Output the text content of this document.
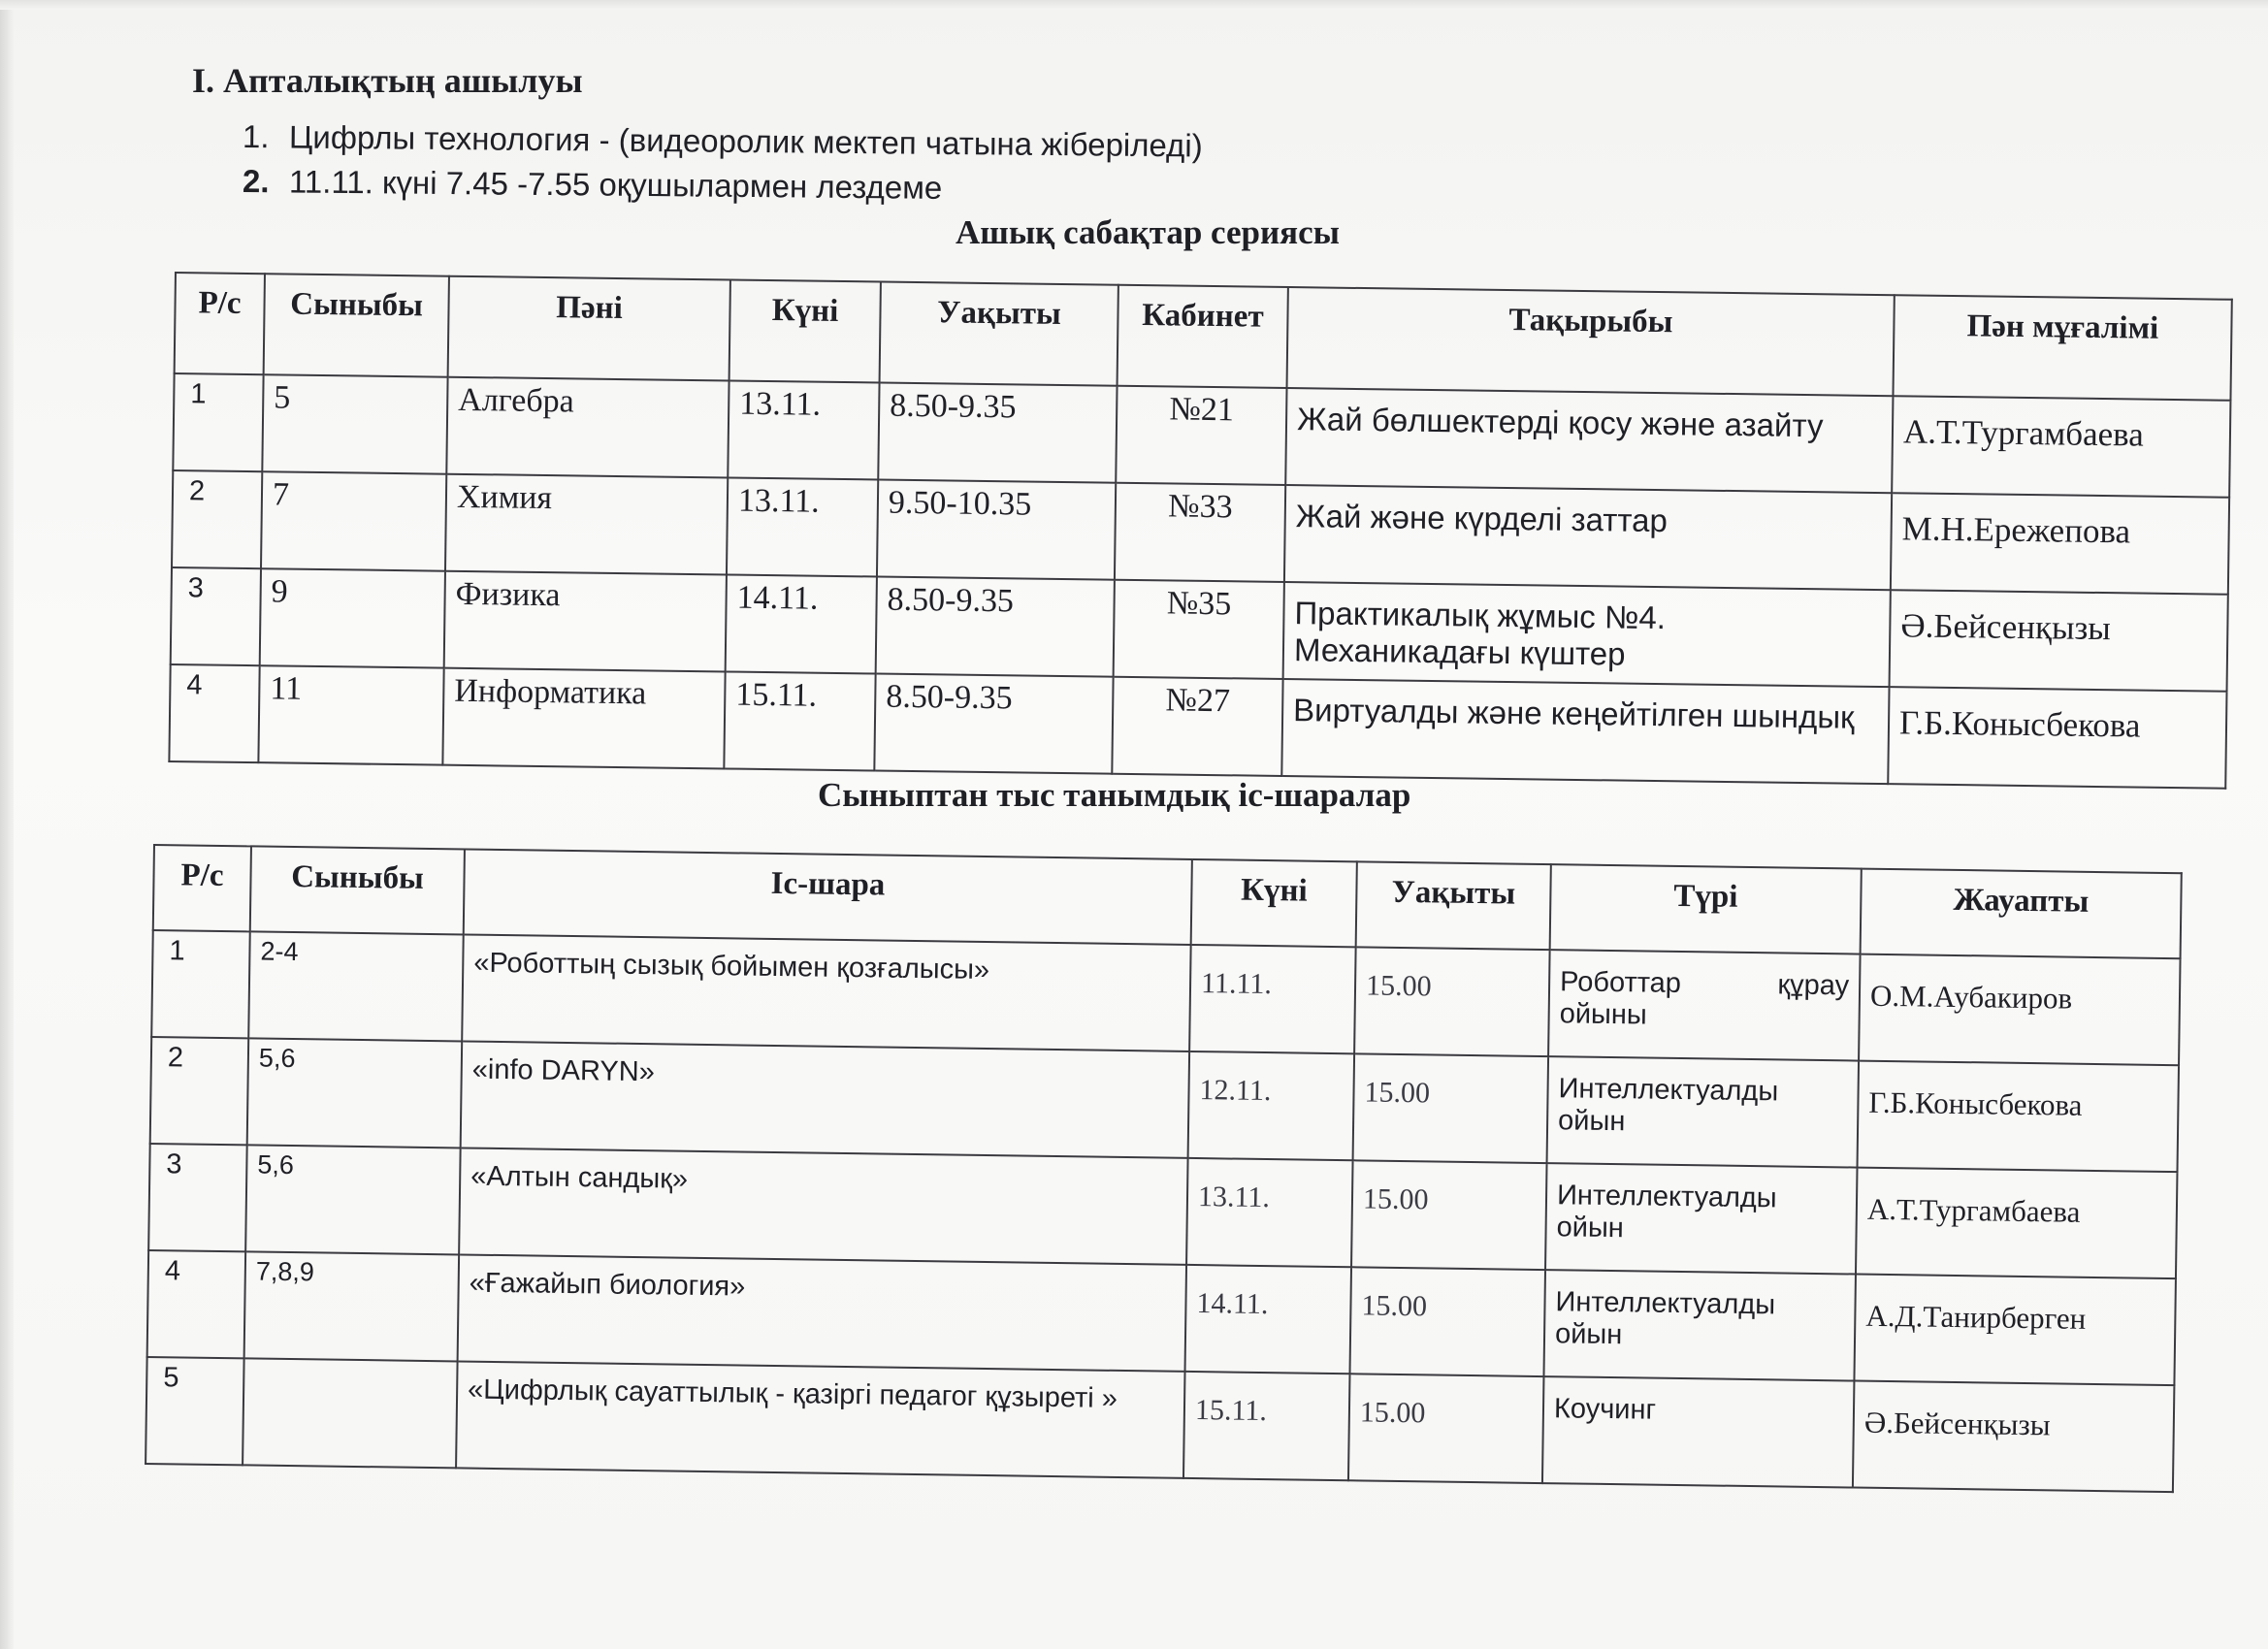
I. Апталықтың ашылуы
1. Цифрлы технология - (видеоролик мектеп чатына жіберіледі)
2. 11.11. күні 7.45 -7.55 оқушылармен лездеме
Ашық сабақтар сериясы
Р/с	Сыныбы	Пәні	Күні	Уақыты	Кабинет	Тақырыбы	Пән мұғалімі
1	5	Алгебра	13.11.	8.50-9.35	№21	Жай бөлшектерді қосу және азайту	А.Т.Тургамбаева
2	7	Химия	13.11.	9.50-10.35	№33	Жай және күрделі заттар	М.Н.Ережепова
3	9	Физика	14.11.	8.50-9.35	№35	Практикалық жұмыс №4. Механикадағы күштер	Ә.Бейсенқызы
4	11	Информатика	15.11.	8.50-9.35	№27	Виртуалды және кеңейтілген шындық	Г.Б.Конысбекова
Сыныптан тыс танымдық іс-шаралар
Р/с	Сыныбы	Іс-шара	Күні	Уақыты	Түрі	Жауапты
1	2-4	«Роботтың сызық бойымен қозғалысы»	11.11.	15.00	Роботтар құрау ойыны	О.М.Аубакиров
2	5,6	«info DARYN»	12.11.	15.00	Интеллектуалды ойын	Г.Б.Конысбекова
3	5,6	«Алтын сандық»	13.11.	15.00	Интеллектуалды ойын	А.Т.Тургамбаева
4	7,8,9	«Ғажайып биология»	14.11.	15.00	Интеллектуалды ойын	А.Д.Танирберген
5		«Цифрлық сауаттылық - қазіргі педагог құзыреті »	15.11.	15.00	Коучинг	Ә.Бейсенқызы
